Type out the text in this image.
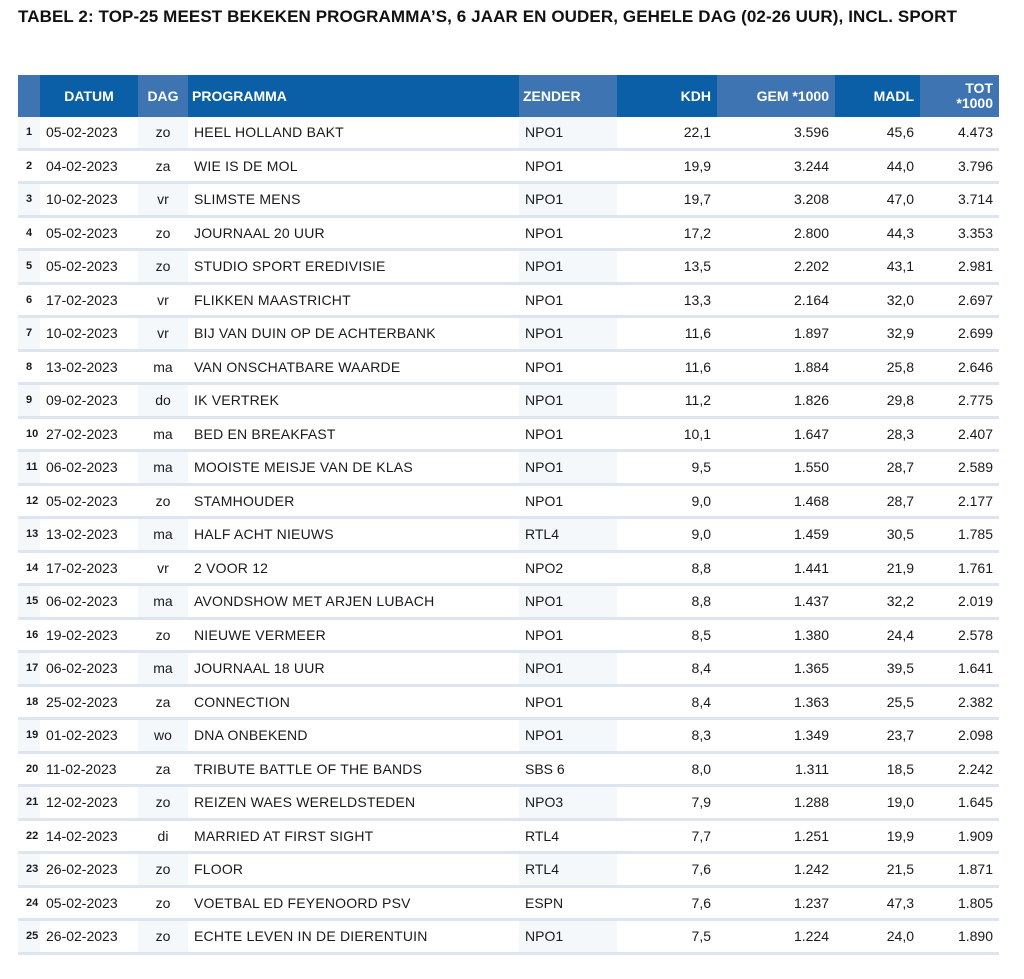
TABEL 2: TOP-25 MEEST BEKEKEN PROGRAMMA’S, 6 JAAR EN OUDER, GEHELE DAG (02-26 UUR), INCL. SPORT
	DATUM	DAG	PROGRAMMA	ZENDER	KDH	GEM *1000	MADL	TOT
*1000
1	05-02-2023	zo	HEEL HOLLAND BAKT	NPO1	22,1	3.596	45,6	4.473
2	04-02-2023	za	WIE IS DE MOL	NPO1	19,9	3.244	44,0	3.796
3	10-02-2023	vr	SLIMSTE MENS	NPO1	19,7	3.208	47,0	3.714
4	05-02-2023	zo	JOURNAAL 20 UUR	NPO1	17,2	2.800	44,3	3.353
5	05-02-2023	zo	STUDIO SPORT EREDIVISIE	NPO1	13,5	2.202	43,1	2.981
6	17-02-2023	vr	FLIKKEN MAASTRICHT	NPO1	13,3	2.164	32,0	2.697
7	10-02-2023	vr	BIJ VAN DUIN OP DE ACHTERBANK	NPO1	11,6	1.897	32,9	2.699
8	13-02-2023	ma	VAN ONSCHATBARE WAARDE	NPO1	11,6	1.884	25,8	2.646
9	09-02-2023	do	IK VERTREK	NPO1	11,2	1.826	29,8	2.775
10	27-02-2023	ma	BED EN BREAKFAST	NPO1	10,1	1.647	28,3	2.407
11	06-02-2023	ma	MOOISTE MEISJE VAN DE KLAS	NPO1	9,5	1.550	28,7	2.589
12	05-02-2023	zo	STAMHOUDER	NPO1	9,0	1.468	28,7	2.177
13	13-02-2023	ma	HALF ACHT NIEUWS	RTL4	9,0	1.459	30,5	1.785
14	17-02-2023	vr	2 VOOR 12	NPO2	8,8	1.441	21,9	1.761
15	06-02-2023	ma	AVONDSHOW MET ARJEN LUBACH	NPO1	8,8	1.437	32,2	2.019
16	19-02-2023	zo	NIEUWE VERMEER	NPO1	8,5	1.380	24,4	2.578
17	06-02-2023	ma	JOURNAAL 18 UUR	NPO1	8,4	1.365	39,5	1.641
18	25-02-2023	za	CONNECTION	NPO1	8,4	1.363	25,5	2.382
19	01-02-2023	wo	DNA ONBEKEND	NPO1	8,3	1.349	23,7	2.098
20	11-02-2023	za	TRIBUTE BATTLE OF THE BANDS	SBS 6	8,0	1.311	18,5	2.242
21	12-02-2023	zo	REIZEN WAES WERELDSTEDEN	NPO3	7,9	1.288	19,0	1.645
22	14-02-2023	di	MARRIED AT FIRST SIGHT	RTL4	7,7	1.251	19,9	1.909
23	26-02-2023	zo	FLOOR	RTL4	7,6	1.242	21,5	1.871
24	05-02-2023	zo	VOETBAL ED FEYENOORD PSV	ESPN	7,6	1.237	47,3	1.805
25	26-02-2023	zo	ECHTE LEVEN IN DE DIERENTUIN	NPO1	7,5	1.224	24,0	1.890
